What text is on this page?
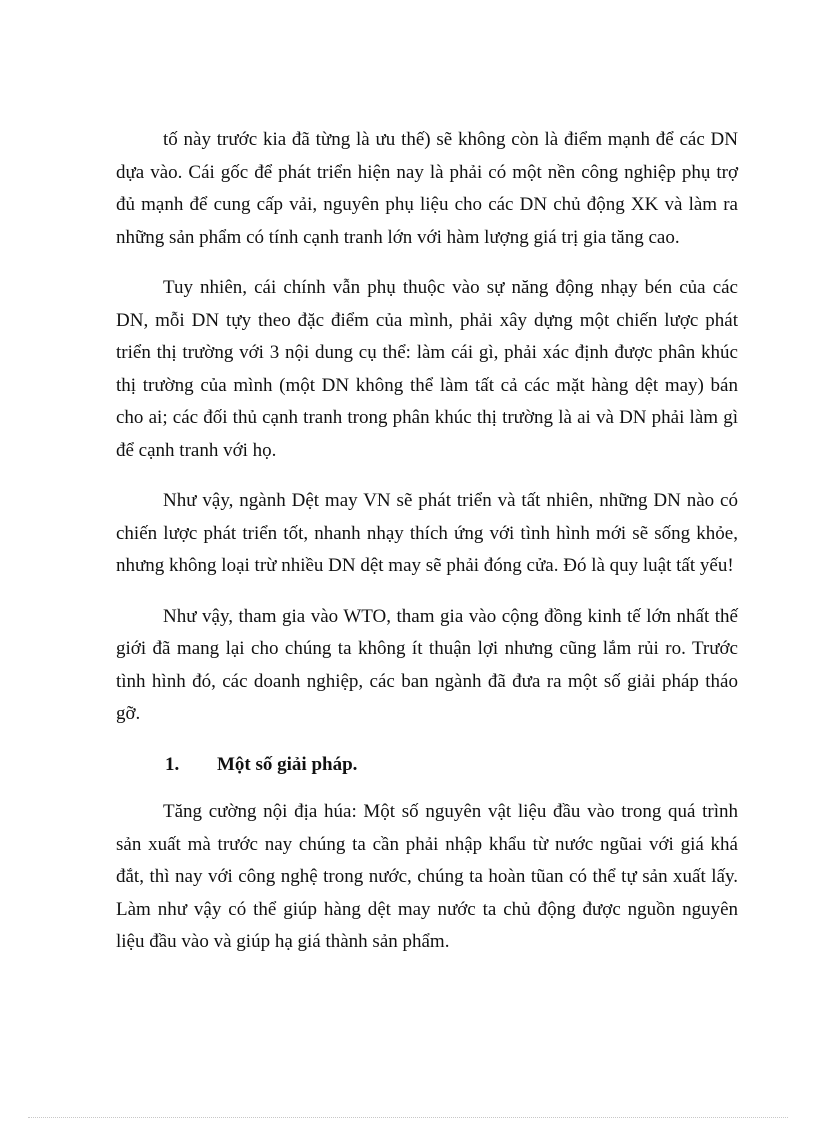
tố này trước kia đã từng là ưu thế) sẽ không còn là điểm mạnh để các DN dựa vào. Cái gốc để phát triển hiện nay là phải có một nền công nghiệp phụ trợ đủ mạnh để cung cấp vải, nguyên phụ liệu cho các DN chủ động XK và làm ra những sản phẩm có tính cạnh tranh lớn với hàm lượng giá trị gia tăng cao.

Tuy nhiên, cái chính vẫn phụ thuộc vào sự năng động nhạy bén của các DN, mỗi DN tựy theo đặc điểm của mình, phải xây dựng một chiến lược phát triển thị trường với 3 nội dung cụ thể: làm cái gì, phải xác định được phân khúc thị trường của mình (một DN không thể làm tất cả các mặt hàng dệt may) bán cho ai; các đối thủ cạnh tranh trong phân khúc thị trường là ai và DN phải làm gì để cạnh tranh với họ.

Như vậy, ngành Dệt may VN sẽ phát triển và tất nhiên, những DN nào có chiến lược phát triển tốt, nhanh nhạy thích ứng với tình hình mới sẽ sống khỏe, nhưng không loại trừ nhiều DN dệt may sẽ phải đóng cửa. Đó là quy luật tất yếu!

Như vậy, tham gia vào WTO, tham gia vào cộng đồng kinh tế lớn nhất thế giới đã mang lại cho chúng ta không ít thuận lợi nhưng cũng lắm rủi ro. Trước tình hình đó, các doanh nghiệp, các ban ngành đã đưa ra một số giải pháp tháo gỡ.

1.	Một số giải pháp.

Tăng cường nội địa húa: Một số nguyên vật liệu đầu vào trong quá trình sản xuất mà trước nay chúng ta cần phải nhập khẩu từ nước ngũai với giá khá đắt, thì nay với công nghệ trong nước, chúng ta hoàn tũan có thể tự sản xuất lấy. Làm như vậy có thể giúp hàng dệt may nước ta chủ động được nguồn nguyên liệu đầu vào và giúp hạ giá thành sản phẩm.
